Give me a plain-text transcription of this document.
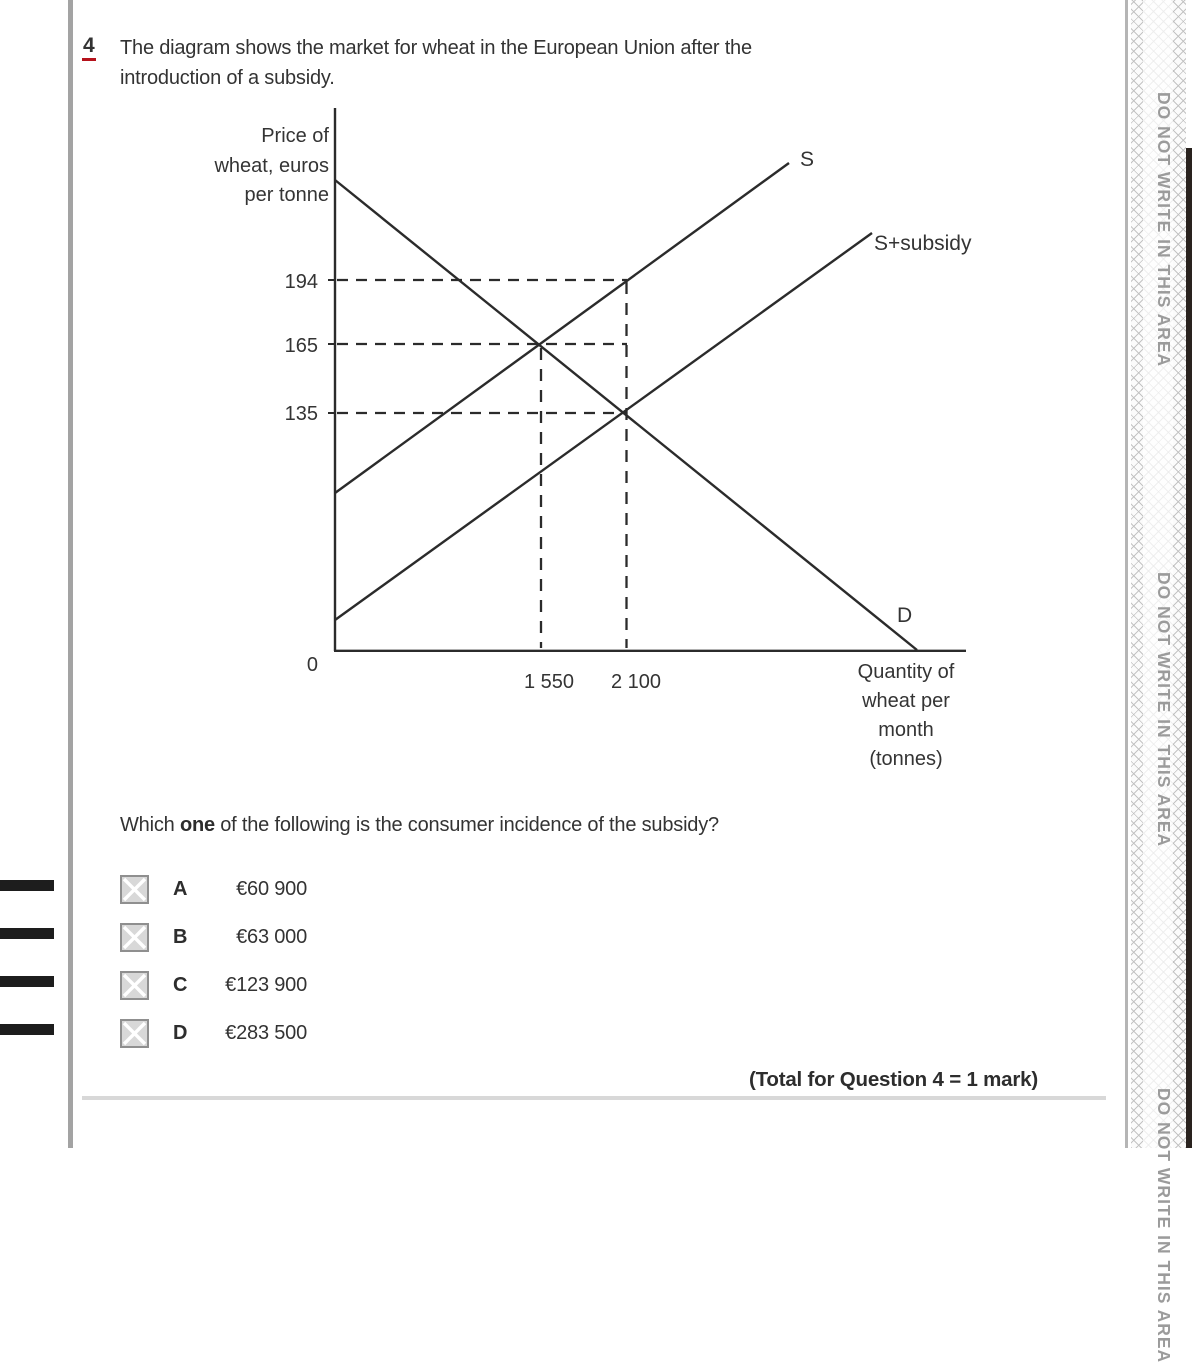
4 The diagram shows the market for wheat in the European Union after the
introduction of a subsidy.
Price of
wheat, euros
per tonne
194
165
135
0
1 550 2 100
S
S+subsidy
D
Quantity of
wheat per
month
(tonnes)
Which one of the following is the consumer incidence of the subsidy?
A	€60 900
B	€63 000
C	€123 900
D	€283 500
(Total for Question 4 = 1 mark)
DO NOT WRITE IN THIS AREA
DO NOT WRITE IN THIS AREA
DO NOT WRITE IN THIS AREA
